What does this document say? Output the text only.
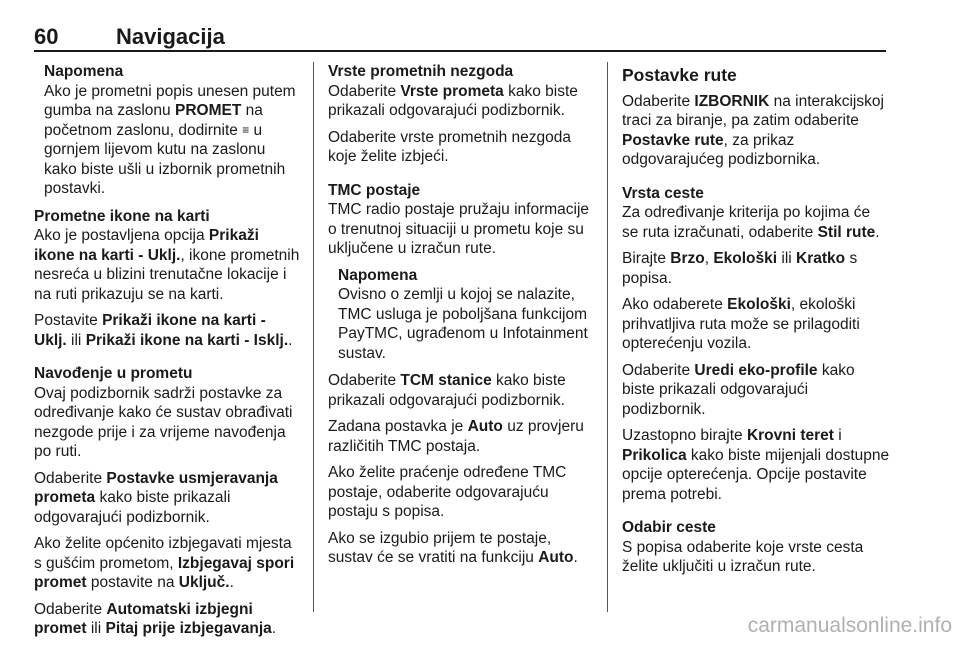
60	Navigacija
Napomena
Ako je prometni popis unesen putem gumba na zaslonu PROMET na početnom zaslonu, dodirnite ≡ u gornjem lijevom kutu na zaslonu kako biste ušli u izbornik prometnih postavki.
Prometne ikone na karti
Ako je postavljena opcija Prikaži ikone na karti - Uklj., ikone prometnih nesreća u blizini trenutačne lokacije i na ruti prikazuju se na karti.
Postavite Prikaži ikone na karti - Uklj. ili Prikaži ikone na karti - Isklj..
Navođenje u prometu
Ovaj podizbornik sadrži postavke za određivanje kako će sustav obrađivati nezgode prije i za vrijeme navođenja po ruti.
Odaberite Postavke usmjeravanja prometa kako biste prikazali odgovarajući podizbornik.
Ako želite općenito izbjegavati mjesta s gušćim prometom, Izbjegavaj spori promet postavite na Uključ..
Odaberite Automatski izbjegni promet ili Pitaj prije izbjegavanja.
Vrste prometnih nezgoda
Odaberite Vrste prometa kako biste prikazali odgovarajući podizbornik.
Odaberite vrste prometnih nezgoda koje želite izbjeći.
TMC postaje
TMC radio postaje pružaju informacije o trenutnoj situaciji u prometu koje su uključene u izračun rute.
Napomena
Ovisno o zemlji u kojoj se nalazite, TMC usluga je poboljšana funkcijom PayTMC, ugrađenom u Infotainment sustav.
Odaberite TCM stanice kako biste prikazali odgovarajući podizbornik.
Zadana postavka je Auto uz provjeru različitih TMC postaja.
Ako želite praćenje određene TMC postaje, odaberite odgovarajuću postaju s popisa.
Ako se izgubio prijem te postaje, sustav će se vratiti na funkciju Auto.
Postavke rute
Odaberite IZBORNIK na interakcijskoj traci za biranje, pa zatim odaberite Postavke rute, za prikaz odgovarajućeg podizbornika.
Vrsta ceste
Za određivanje kriterija po kojima će se ruta izračunati, odaberite Stil rute.
Birajte Brzo, Ekološki ili Kratko s popisa.
Ako odaberete Ekološki, ekološki prihvatljiva ruta može se prilagoditi opterećenju vozila.
Odaberite Uredi eko-profile kako biste prikazali odgovarajući podizbornik.
Uzastopno birajte Krovni teret i Prikolica kako biste mijenjali dostupne opcije opterećenja. Opcije postavite prema potrebi.
Odabir ceste
S popisa odaberite koje vrste cesta želite uključiti u izračun rute.
carmanualsonline.info
